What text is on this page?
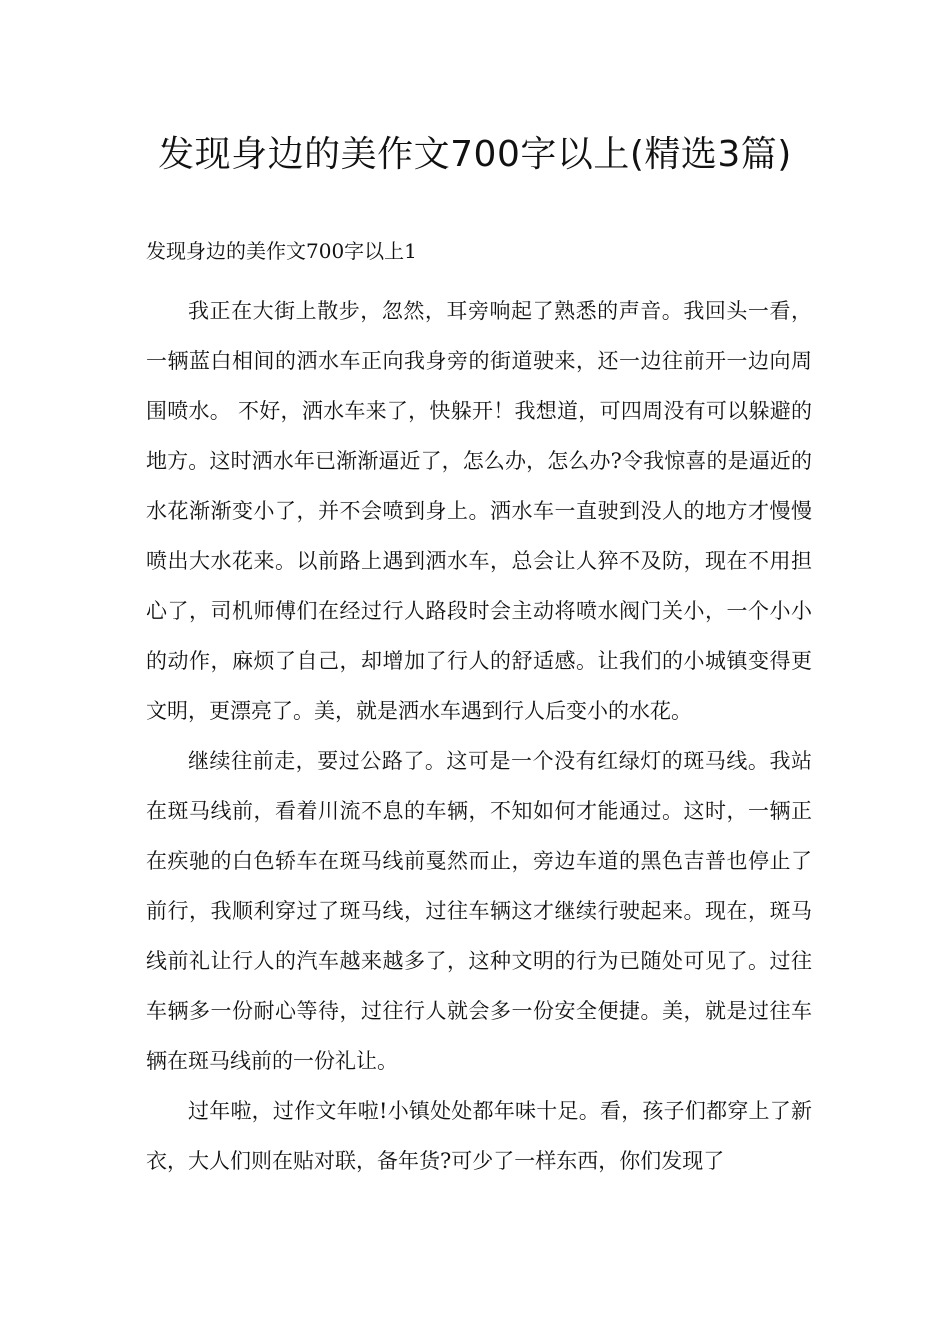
发现身边的美作文700字以上(精选3篇)
发现身边的美作文700字以上1

我正在大街上散步，忽然，耳旁响起了熟悉的声音。我回头一看，一辆蓝白相间的洒水车正向我身旁的街道驶来，还一边往前开一边向周围喷水。 不好，洒水车来了，快躲开！我想道，可四周没有可以躲避的地方。这时洒水年已渐渐逼近了，怎么办，怎么办?令我惊喜的是逼近的水花渐渐变小了，并不会喷到身上。洒水车一直驶到没人的地方才慢慢喷出大水花来。以前路上遇到洒水车，总会让人猝不及防，现在不用担心了，司机师傅们在经过行人路段时会主动将喷水阀门关小，一个小小的动作，麻烦了自己，却增加了行人的舒适感。让我们的小城镇变得更文明，更漂亮了。美，就是洒水车遇到行人后变小的水花。

继续往前走，要过公路了。这可是一个没有红绿灯的斑马线。我站在斑马线前，看着川流不息的车辆，不知如何才能通过。这时，一辆正在疾驰的白色轿车在斑马线前戛然而止，旁边车道的黑色吉普也停止了前行，我顺利穿过了斑马线，过往车辆这才继续行驶起来。现在，斑马线前礼让行人的汽车越来越多了，这种文明的行为已随处可见了。过往车辆多一份耐心等待，过往行人就会多一份安全便捷。美，就是过往车辆在斑马线前的一份礼让。

过年啦，过作文年啦!小镇处处都年味十足。看，孩子们都穿上了新衣，大人们则在贴对联，备年货?可少了一样东西，你们发现了
